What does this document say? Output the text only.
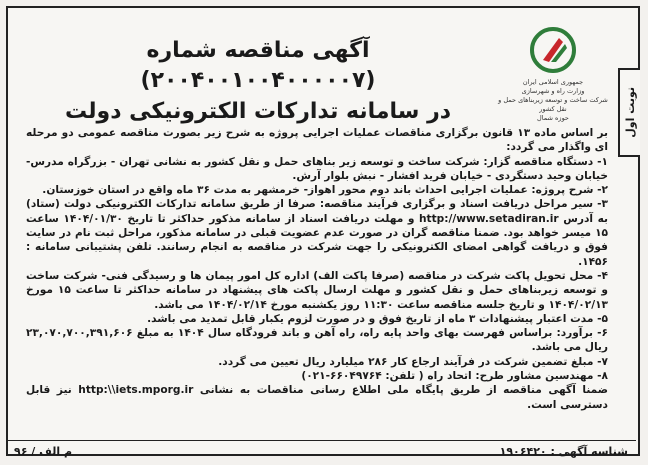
نوبت اول
جمهوری اسلامی ایران
وزارت راه و شهرسازی
شرکت ساخت و توسعه زیربناهای حمل و نقل کشور
حوزه شمال
آگهی مناقصه شماره (۲۰۰۴۰۰۱۰۰۴۰۰۰۰۰۷)
در سامانه تدارکات الکترونیکی دولت

بر اساس ماده ۱۳ قانون برگزاری مناقصات عملیات اجرایی پروژه به شرح زیر بصورت مناقصه عمومی دو مرحله ای واگذار می گردد:

۱- دستگاه مناقصه گزار: شرکت ساخت و توسعه زیر بناهای حمل و نقل کشور به نشانی تهران - بزرگراه مدرس- خیابان وحید دستگردی - خیابان فرید افشار - نبش بلوار آرش.

۲- شرح پروژه: عملیات اجرایی احداث باند دوم محور اهواز- خرمشهر به مدت ۳۶ ماه واقع در استان خوزستان.

۳- سیر مراحل دریافت اسناد و برگزاری فرآیند مناقصه: صرفا از طریق سامانه تدارکات الکترونیکی دولت (ستاد) به آدرس http://www.setadiran.ir و مهلت دریافت اسناد از سامانه مذکور حداکثر تا تاریخ ۱۴۰۴/۰۱/۳۰ ساعت ۱۵ میسر خواهد بود. ضمنا مناقصه گران در صورت عدم عضویت قبلی در سامانه مذکور، مراحل ثبت نام در سایت فوق و دریافت گواهی امضای الکترونیکی را جهت شرکت در مناقصه به انجام رسانند. تلفن پشتیبانی سامانه : ۱۴۵۶.

۴- محل تحویل پاکت شرکت در مناقصه (صرفا پاکت الف) اداره کل امور پیمان ها و رسیدگی فنی- شرکت ساخت و توسعه زیربناهای حمل و نقل کشور و مهلت ارسال پاکت های پیشنهاد در سامانه حداکثر تا ساعت ۱۵ مورخ ۱۴۰۴/۰۲/۱۳ و تاریخ جلسه مناقصه ساعت ۱۱:۳۰ روز یکشنبه مورخ ۱۴۰۴/۰۲/۱۴ می باشد.

۵- مدت اعتبار پیشنهادات ۳ ماه از تاریخ فوق و در صورت لزوم یکبار قابل تمدید می باشد.

۶- برآورد: براساس فهرست بهای واحد پایه راه، راه آهن و باند فرودگاه سال ۱۴۰۴ به مبلغ ۲۳,۰۷۰,۷۰۰,۳۹۱,۶۰۶ ریال می باشد.

۷- مبلغ تضمین شرکت در فرآیند ارجاع کار ۲۸۶ میلیارد ریال تعیین می گردد.

۸- مهندسین مشاور طرح: اتحاد راه ( تلفن: ۶۶۰۴۹۷۶۴-۰۲۱)

ضمنا آگهی مناقصه از طریق پایگاه ملی اطلاع رسانی مناقصات به نشانی http:\\iets.mporg.ir نیز قابل دسترسی است.

شناسه آگهی : ۱۹۰۶۴۲۰
م الف / ۹۶
